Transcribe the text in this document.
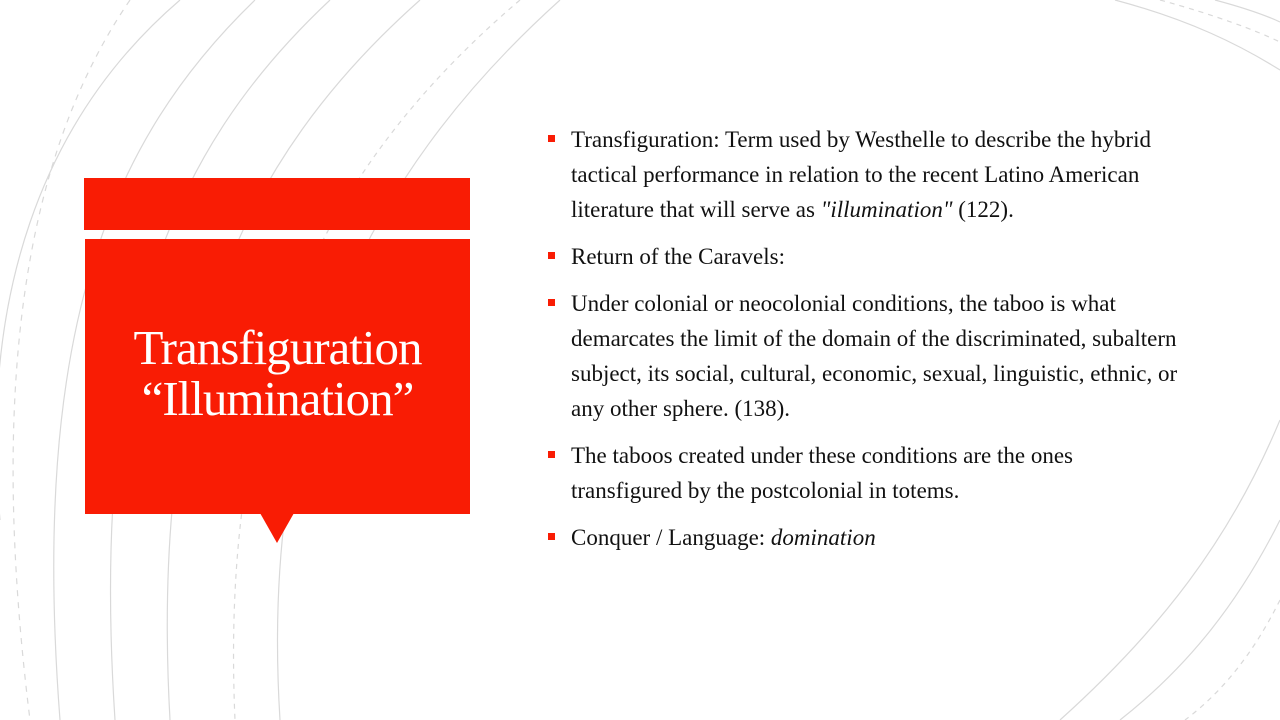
Transfiguration
“Illumination”
Transfiguration: Term used by Westhelle to describe the hybrid tactical performance in relation to the recent Latino American literature that will serve as "illumination" (122).
Return of the Caravels:
Under colonial or neocolonial conditions, the taboo is what demarcates the limit of the domain of the discriminated, subaltern subject, its social, cultural, economic, sexual, linguistic, ethnic, or any other sphere. (138).
The taboos created under these conditions are the ones transfigured by the postcolonial in totems.
Conquer / Language: domination
